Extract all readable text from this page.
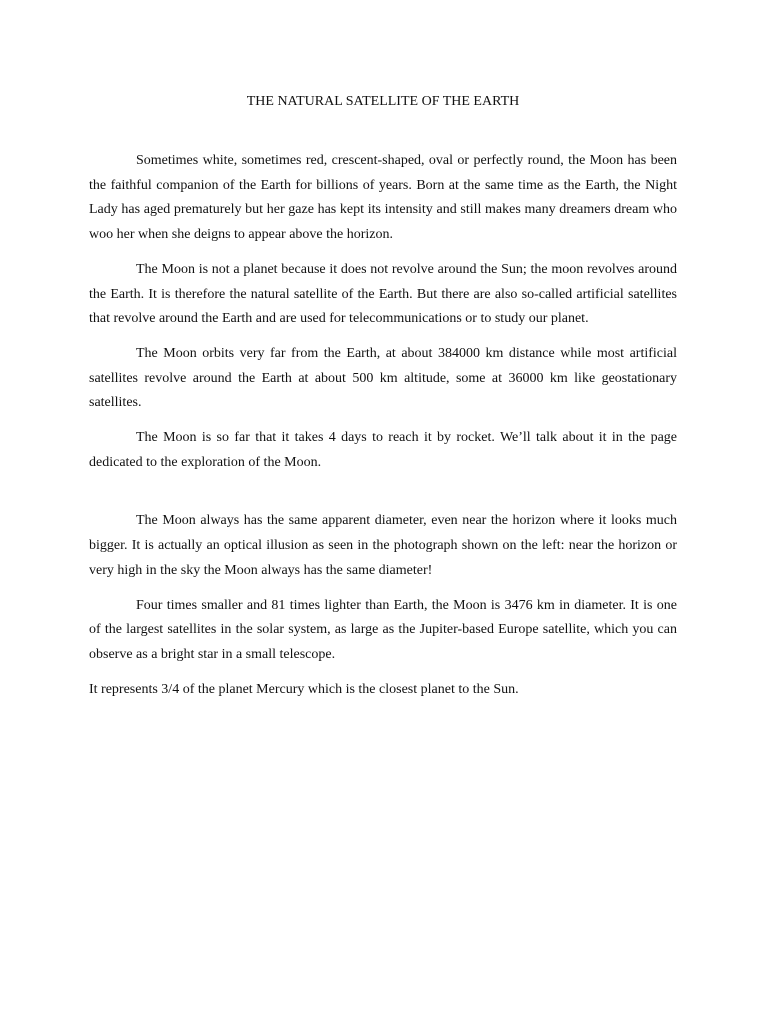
THE NATURAL SATELLITE OF THE EARTH

Sometimes white, sometimes red, crescent-shaped, oval or perfectly round, the Moon has been the faithful companion of the Earth for billions of years. Born at the same time as the Earth, the Night Lady has aged prematurely but her gaze has kept its intensity and still makes many dreamers dream who woo her when she deigns to appear above the horizon.

The Moon is not a planet because it does not revolve around the Sun; the moon revolves around the Earth. It is therefore the natural satellite of the Earth. But there are also so-called artificial satellites that revolve around the Earth and are used for telecommunications or to study our planet.

The Moon orbits very far from the Earth, at about 384000 km distance while most artificial satellites revolve around the Earth at about 500 km altitude, some at 36000 km like geostationary satellites.

The Moon is so far that it takes 4 days to reach it by rocket. We’ll talk about it in the page dedicated to the exploration of the Moon.

The Moon always has the same apparent diameter, even near the horizon where it looks much bigger. It is actually an optical illusion as seen in the photograph shown on the left: near the horizon or very high in the sky the Moon always has the same diameter!

Four times smaller and 81 times lighter than Earth, the Moon is 3476 km in diameter. It is one of the largest satellites in the solar system, as large as the Jupiter-based Europe satellite, which you can observe as a bright star in a small telescope.

It represents 3/4 of the planet Mercury which is the closest planet to the Sun.
